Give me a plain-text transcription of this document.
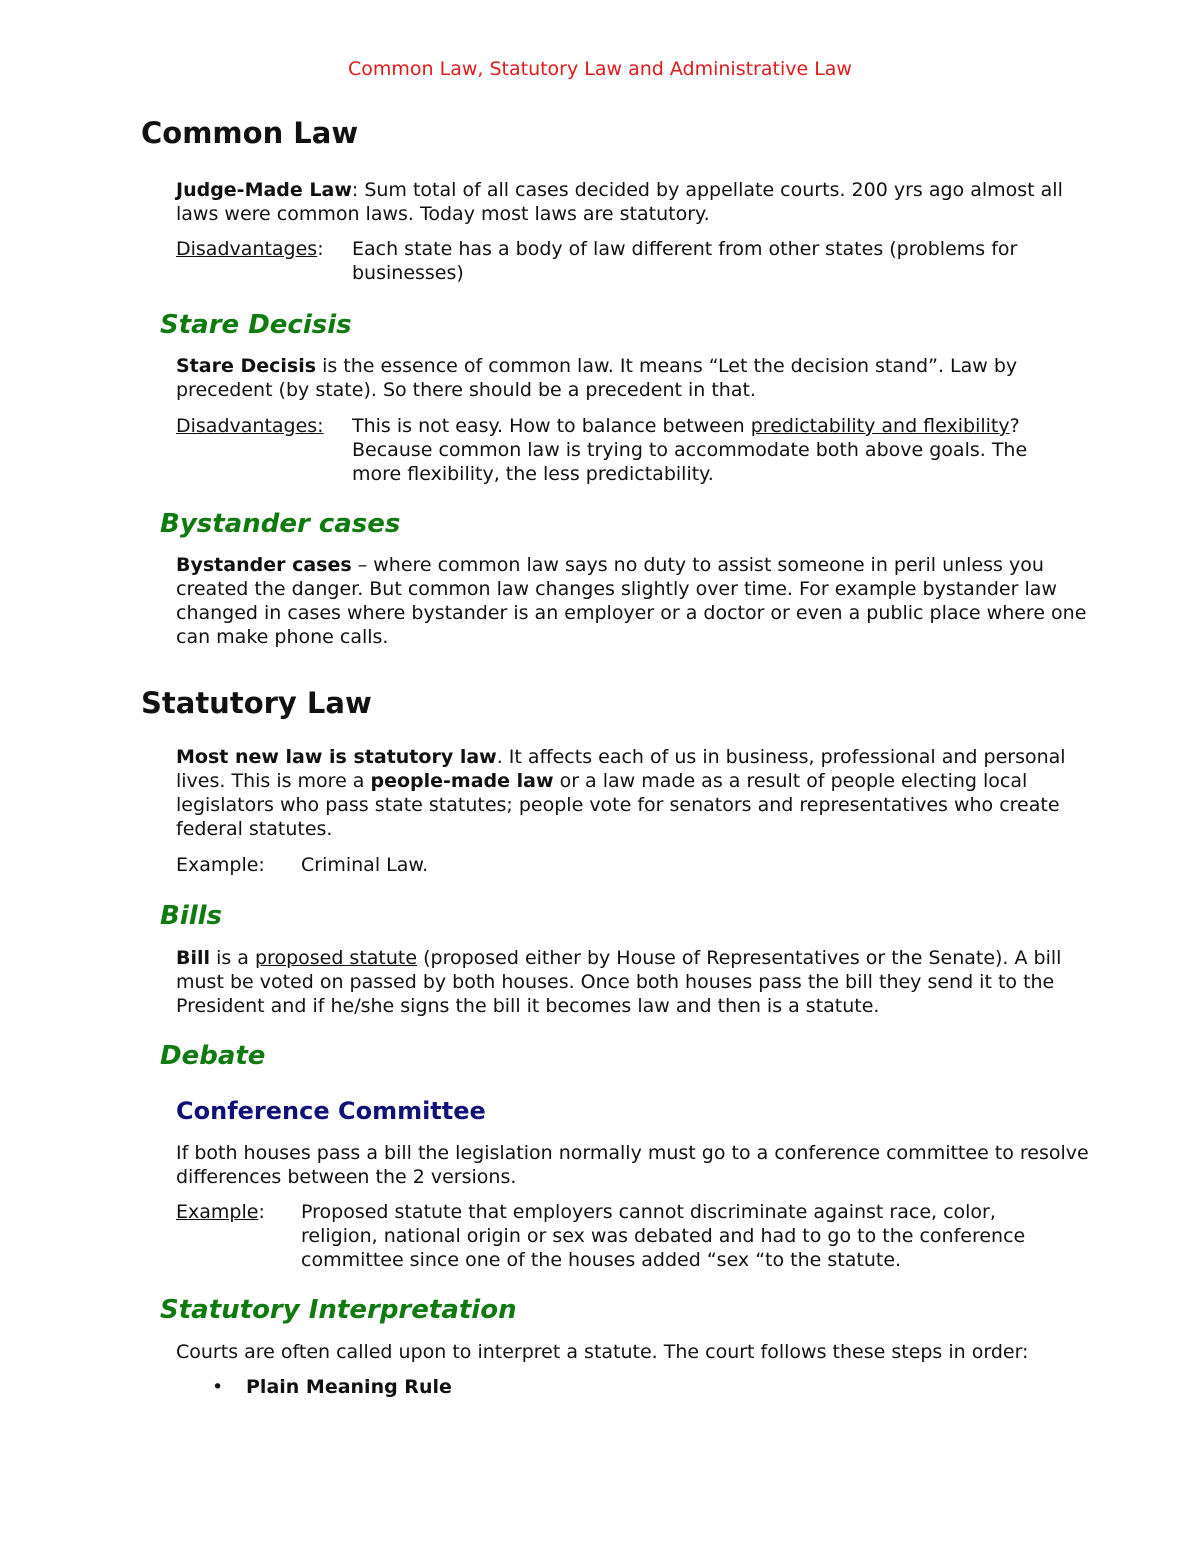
Common Law, Statutory Law and Administrative Law
Common Law

Judge-Made Law: Sum total of all cases decided by appellate courts. 200 yrs ago almost all laws were common laws. Today most laws are statutory.

Disadvantages: Each state has a body of law different from other states (problems for businesses)
Stare Decisis

Stare Decisis is the essence of common law. It means “Let the decision stand”. Law by precedent (by state). So there should be a precedent in that.

Disadvantages: This is not easy. How to balance between predictability and flexibility? Because common law is trying to accommodate both above goals. The more flexibility, the less predictability.
Bystander cases

Bystander cases – where common law says no duty to assist someone in peril unless you created the danger. But common law changes slightly over time. For example bystander law changed in cases where bystander is an employer or a doctor or even a public place where one can make phone calls.

Statutory Law

Most new law is statutory law. It affects each of us in business, professional and personal lives. This is more a people-made law or a law made as a result of people electing local legislators who pass state statutes; people vote for senators and representatives who create federal statutes.

Example: Criminal Law.
Bills

Bill is a proposed statute (proposed either by House of Representatives or the Senate). A bill must be voted on passed by both houses. Once both houses pass the bill they send it to the President and if he/she signs the bill it becomes law and then is a statute.

Debate
Conference Committee

If both houses pass a bill the legislation normally must go to a conference committee to resolve differences between the 2 versions.

Example: Proposed statute that employers cannot discriminate against race, color, religion, national origin or sex was debated and had to go to the conference committee since one of the houses added “sex “to the statute.
Statutory Interpretation

Courts are often called upon to interpret a statute. The court follows these steps in order:

• Plain Meaning Rule
